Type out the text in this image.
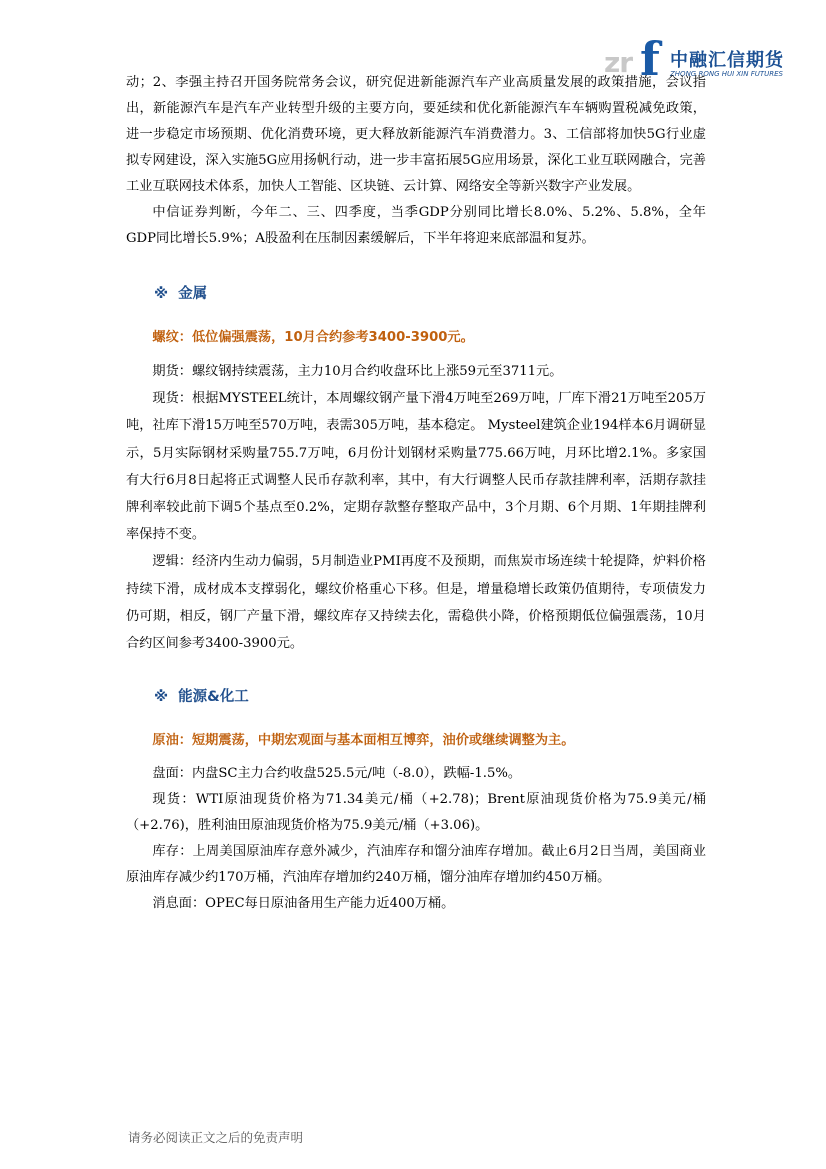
zr f 中融汇信期货
ZHONG RONG HUI XIN FUTURES

动；2、李强主持召开国务院常务会议，研究促进新能源汽车产业高质量发展的政策措施，会议指出，新能源汽车是汽车产业转型升级的主要方向，要延续和优化新能源汽车车辆购置税减免政策，进一步稳定市场预期、优化消费环境，更大释放新能源汽车消费潜力。3、工信部将加快5G行业虚拟专网建设，深入实施5G应用扬帆行动，进一步丰富拓展5G应用场景，深化工业互联网融合，完善工业互联网技术体系，加快人工智能、区块链、云计算、网络安全等新兴数字产业发展。

中信证券判断，今年二、三、四季度，当季GDP分别同比增长8.0%、5.2%、5.8%，全年GDP同比增长5.9%；A股盈利在压制因素缓解后，下半年将迎来底部温和复苏。

※ 金属
螺纹：低位偏强震荡，10月合约参考3400-3900元。

期货：螺纹钢持续震荡，主力10月合约收盘环比上涨59元至3711元。

现货：根据MYSTEEL统计，本周螺纹钢产量下滑4万吨至269万吨，厂库下滑21万吨至205万吨，社库下滑15万吨至570万吨，表需305万吨，基本稳定。 Mysteel建筑企业194样本6月调研显示，5月实际钢材采购量755.7万吨，6月份计划钢材采购量775.66万吨，月环比增2.1%。多家国有大行6月8日起将正式调整人民币存款利率，其中，有大行调整人民币存款挂牌利率，活期存款挂牌利率较此前下调5个基点至0.2%，定期存款整存整取产品中，3个月期、6个月期、1年期挂牌利率保持不变。

逻辑：经济内生动力偏弱，5月制造业PMI再度不及预期，而焦炭市场连续十轮提降，炉料价格持续下滑，成材成本支撑弱化，螺纹价格重心下移。但是，增量稳增长政策仍值期待，专项债发力仍可期，相反，钢厂产量下滑，螺纹库存又持续去化，需稳供小降，价格预期低位偏强震荡，10月合约区间参考3400-3900元。

※ 能源&化工
原油：短期震荡，中期宏观面与基本面相互博弈，油价或继续调整为主。

盘面：内盘SC主力合约收盘525.5元/吨（-8.0），跌幅-1.5%。

现货：WTI原油现货价格为71.34美元/桶（+2.78)；Brent原油现货价格为75.9美元/桶（+2.76)，胜利油田原油现货价格为75.9美元/桶（+3.06)。

库存：上周美国原油库存意外减少，汽油库存和馏分油库存增加。截止6月2日当周，美国商业原油库存减少约170万桶，汽油库存增加约240万桶，馏分油库存增加约450万桶。

消息面：OPEC每日原油备用生产能力近400万桶。

请务必阅读正文之后的免责声明
